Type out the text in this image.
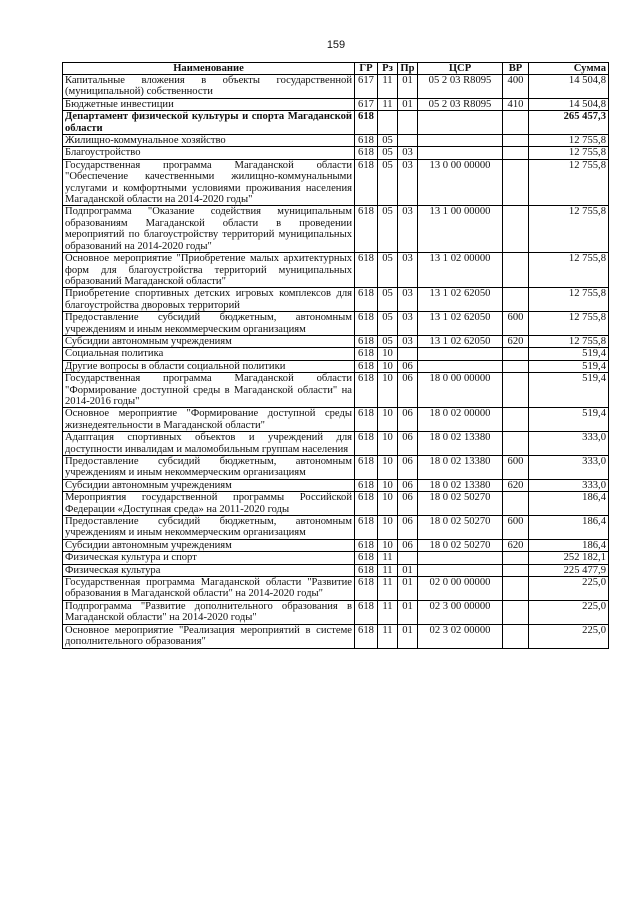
159
Наименование	ГР	Рз	Пр	ЦСР	ВР	Сумма
Капитальные вложения в объекты государственной (муниципальной) собственности	617	11	01	05 2 03 R8095	400	14 504,8
Бюджетные инвестиции	617	11	01	05 2 03 R8095	410	14 504,8
Департамент физической культуры и спорта Магаданской области	618					265 457,3
Жилищно-коммунальное хозяйство	618	05				12 755,8
Благоустройство	618	05	03			12 755,8
Государственная программа Магаданской области "Обеспечение качественными жилищно-коммунальными услугами и комфортными условиями проживания населения Магаданской области на 2014-2020 годы"	618	05	03	13 0 00 00000		12 755,8
Подпрограмма "Оказание содействия муниципальным образованиям Магаданской области в проведении мероприятий по благоустройству территорий муниципальных образований на 2014-2020 годы"	618	05	03	13 1 00 00000		12 755,8
Основное мероприятие "Приобретение малых архитектурных форм для благоустройства территорий муниципальных образований Магаданской области"	618	05	03	13 1 02 00000		12 755,8
Приобретение спортивных детских игровых комплексов для благоустройства дворовых территорий	618	05	03	13 1 02 62050		12 755,8
Предоставление субсидий бюджетным, автономным учреждениям и иным некоммерческим организациям	618	05	03	13 1 02 62050	600	12 755,8
Субсидии автономным учреждениям	618	05	03	13 1 02 62050	620	12 755,8
Социальная политика	618	10				519,4
Другие вопросы в области социальной политики	618	10	06			519,4
Государственная программа Магаданской области "Формирование доступной среды в Магаданской области" на 2014-2016 годы"	618	10	06	18 0 00 00000		519,4
Основное мероприятие "Формирование доступной среды жизнедеятельности в Магаданской области"	618	10	06	18 0 02 00000		519,4
Адаптация спортивных объектов и учреждений для доступности инвалидам и маломобильным группам населения	618	10	06	18 0 02 13380		333,0
Предоставление субсидий бюджетным, автономным учреждениям и иным некоммерческим организациям	618	10	06	18 0 02 13380	600	333,0
Субсидии автономным учреждениям	618	10	06	18 0 02 13380	620	333,0
Мероприятия государственной программы Российской Федерации «Доступная среда» на 2011-2020 годы	618	10	06	18 0 02 50270		186,4
Предоставление субсидий бюджетным, автономным учреждениям и иным некоммерческим организациям	618	10	06	18 0 02 50270	600	186,4
Субсидии автономным учреждениям	618	10	06	18 0 02 50270	620	186,4
Физическая культура и спорт	618	11				252 182,1
Физическая культура	618	11	01			225 477,9
Государственная программа Магаданской области "Развитие образования в Магаданской области" на 2014-2020 годы"	618	11	01	02 0 00 00000		225,0
Подпрограмма "Развитие дополнительного образования в Магаданской области" на 2014-2020 годы"	618	11	01	02 3 00 00000		225,0
Основное мероприятие "Реализация мероприятий в системе дополнительного образования"	618	11	01	02 3 02 00000		225,0
